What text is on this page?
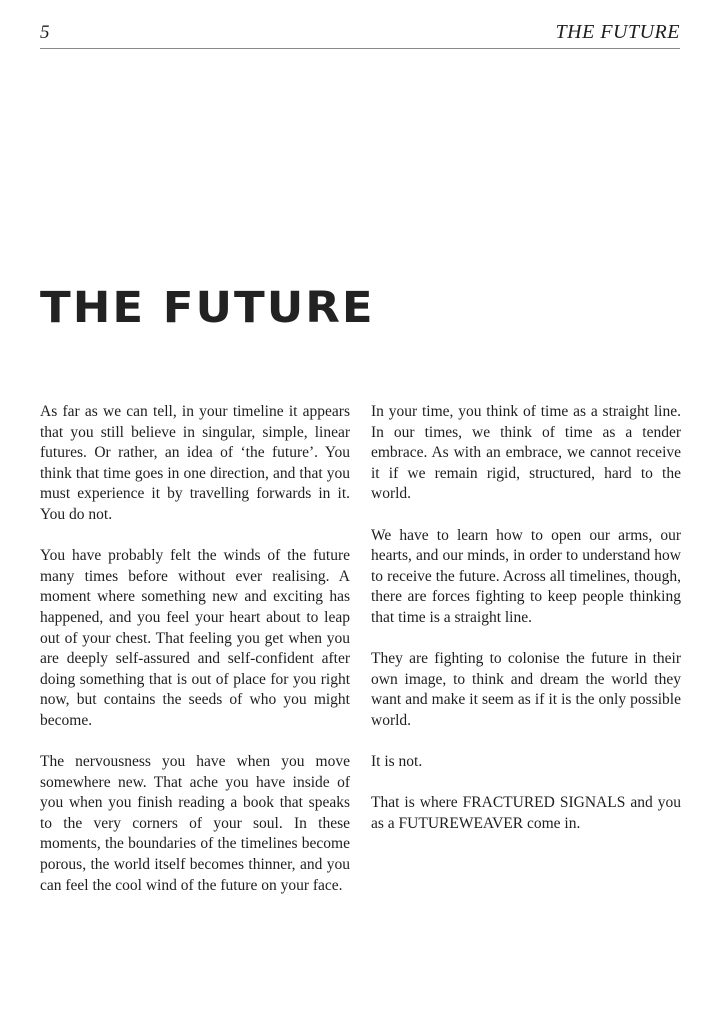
5	THE FUTURE
THE FUTURE

As far as we can tell, in your timeline it appears that you still believe in singular, simple, linear futures. Or rather, an idea of ‘the future’. You think that time goes in one direction, and that you must experience it by travelling forwards in it. You do not.

You have probably felt the winds of the future many times before without ever realising. A moment where something new and exciting has happened, and you feel your heart about to leap out of your chest. That feeling you get when you are deeply self-assured and self-confident after doing something that is out of place for you right now, but contains the seeds of who you might become.

The nervousness you have when you move somewhere new. That ache you have inside of you when you finish reading a book that speaks to the very corners of your soul. In these moments, the boundaries of the timelines become porous, the world itself becomes thinner, and you can feel the cool wind of the future on your face.

In your time, you think of time as a straight line. In our times, we think of time as a tender embrace. As with an embrace, we cannot receive it if we remain rigid, structured, hard to the world.

We have to learn how to open our arms, our hearts, and our minds, in order to understand how to receive the future. Across all timelines, though, there are forces fighting to keep people thinking that time is a straight line.

They are fighting to colonise the future in their own image, to think and dream the world they want and make it seem as if it is the only possible world.

It is not.

That is where FRACTURED SIGNALS and you as a FUTUREWEAVER come in.
